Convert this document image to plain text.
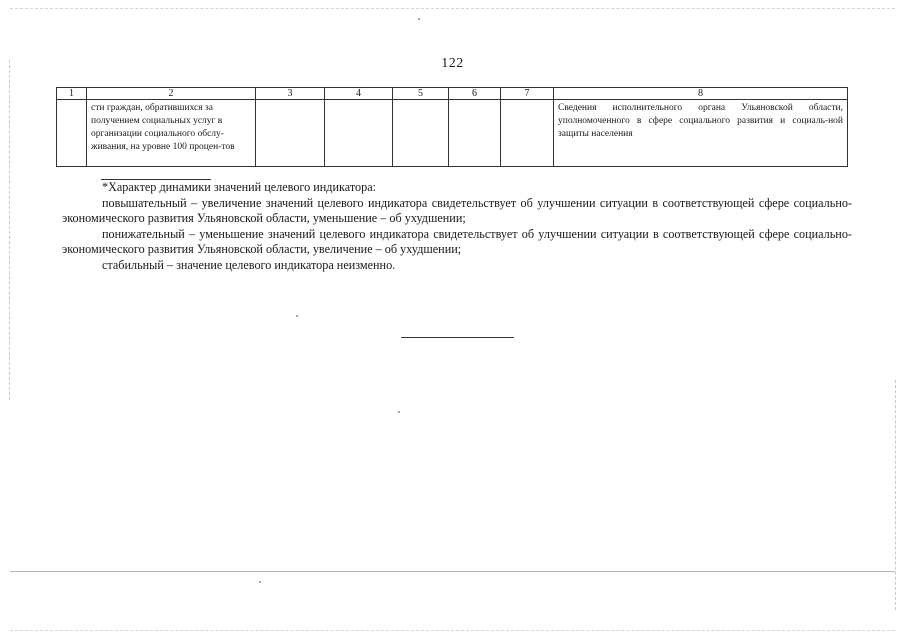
122
1	2	3	4	5	6	7	8

	сти граждан, обратившихся за получением социальных услуг в организации социального обслу-живания, на уровне 100 процен-тов						Сведения исполнительного органа Ульяновской области, уполномоченного в сфере социального развития и социаль-ной защиты населения

*Характер динамики значений целевого индикатора:

повышательный – увеличение значений целевого индикатора свидетельствует об улучшении ситуации в соответствующей сфере социально-экономического развития Ульяновской области, уменьшение – об ухудшении;

понижательный – уменьшение значений целевого индикатора свидетельствует об улучшении ситуации в соответствующей сфере социально-экономического развития Ульяновской области, увеличение – об ухудшении;

стабильный – значение целевого индикатора неизменно.
